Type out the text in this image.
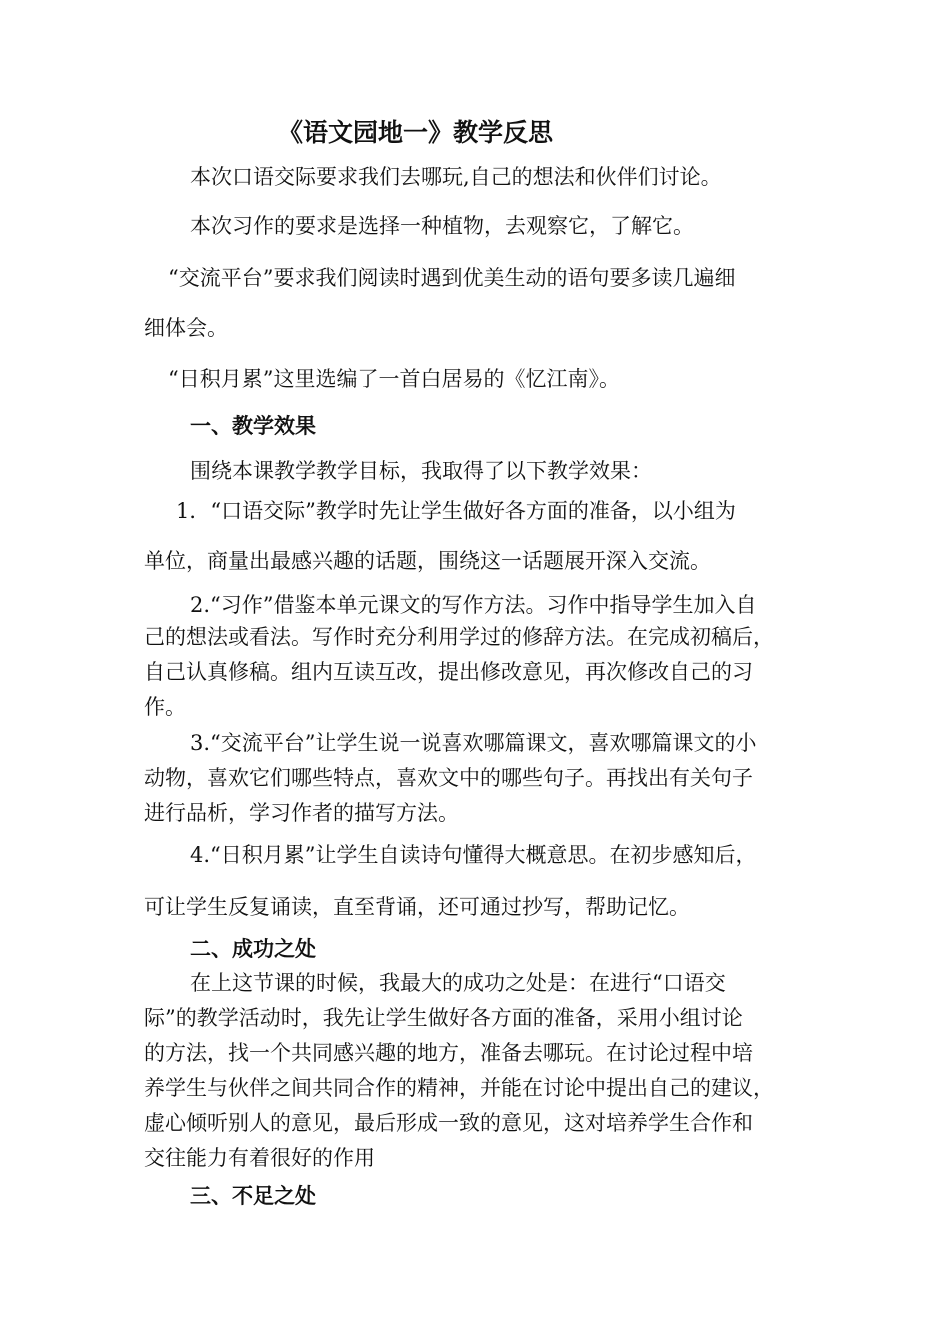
《语文园地一》教学反思

本次口语交际要求我们去哪玩,自己的想法和伙伴们讨论。

本次习作的要求是选择一种植物，去观察它，了解它。

“交流平台”要求我们阅读时遇到优美生动的语句要多读几遍细

细体会。

“日积月累”这里选编了一首白居易的《忆江南》。

一、教学效果

围绕本课教学教学目标，我取得了以下教学效果：

1．“口语交际”教学时先让学生做好各方面的准备，以小组为

单位，商量出最感兴趣的话题，围绕这一话题展开深入交流。

2.“习作”借鉴本单元课文的写作方法。习作中指导学生加入自

己的想法或看法。写作时充分利用学过的修辞方法。在完成初稿后，

自己认真修稿。组内互读互改，提出修改意见，再次修改自己的习

作。

3.“交流平台”让学生说一说喜欢哪篇课文，喜欢哪篇课文的小

动物，喜欢它们哪些特点，喜欢文中的哪些句子。再找出有关句子

进行品析，学习作者的描写方法。

4.“日积月累”让学生自读诗句懂得大概意思。在初步感知后，

可让学生反复诵读，直至背诵，还可通过抄写，帮助记忆。

二、成功之处

在上这节课的时候，我最大的成功之处是：在进行“口语交

际”的教学活动时，我先让学生做好各方面的准备，采用小组讨论

的方法，找一个共同感兴趣的地方，准备去哪玩。在讨论过程中培

养学生与伙伴之间共同合作的精神，并能在讨论中提出自己的建议，

虚心倾听别人的意见，最后形成一致的意见，这对培养学生合作和

交往能力有着很好的作用

三、不足之处
